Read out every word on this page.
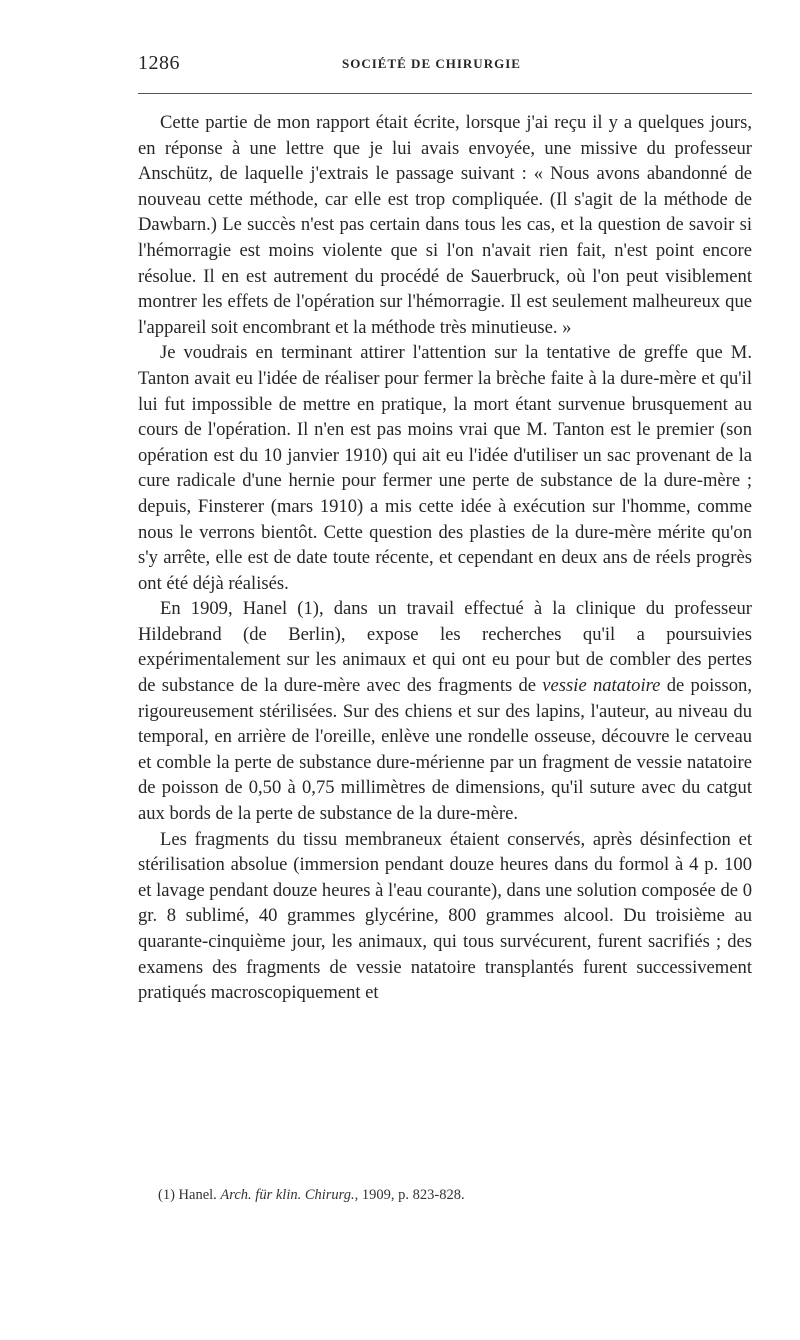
1286	SOCIÉTÉ DE CHIRURGIE

Cette partie de mon rapport était écrite, lorsque j'ai reçu il y a quelques jours, en réponse à une lettre que je lui avais envoyée, une missive du professeur Anschütz, de laquelle j'extrais le passage suivant : « Nous avons abandonné de nouveau cette méthode, car elle est trop compliquée. (Il s'agit de la méthode de Dawbarn.) Le succès n'est pas certain dans tous les cas, et la question de savoir si l'hémorragie est moins violente que si l'on n'avait rien fait, n'est point encore résolue. Il en est autrement du procédé de Sauerbruck, où l'on peut visiblement montrer les effets de l'opération sur l'hémorragie. Il est seulement malheureux que l'appareil soit encombrant et la méthode très minutieuse. »

Je voudrais en terminant attirer l'attention sur la tentative de greffe que M. Tanton avait eu l'idée de réaliser pour fermer la brèche faite à la dure-mère et qu'il lui fut impossible de mettre en pratique, la mort étant survenue brusquement au cours de l'opération. Il n'en est pas moins vrai que M. Tanton est le premier (son opération est du 10 janvier 1910) qui ait eu l'idée d'utiliser un sac provenant de la cure radicale d'une hernie pour fermer une perte de substance de la dure-mère ; depuis, Finsterer (mars 1910) a mis cette idée à exécution sur l'homme, comme nous le verrons bientôt. Cette question des plasties de la dure-mère mérite qu'on s'y arrête, elle est de date toute récente, et cependant en deux ans de réels progrès ont été déjà réalisés.

En 1909, Hanel (1), dans un travail effectué à la clinique du professeur Hildebrand (de Berlin), expose les recherches qu'il a poursuivies expérimentalement sur les animaux et qui ont eu pour but de combler des pertes de substance de la dure-mère avec des fragments de vessie natatoire de poisson, rigoureusement stérilisées. Sur des chiens et sur des lapins, l'auteur, au niveau du temporal, en arrière de l'oreille, enlève une rondelle osseuse, découvre le cerveau et comble la perte de substance dure-mérienne par un fragment de vessie natatoire de poisson de 0,50 à 0,75 millimètres de dimensions, qu'il suture avec du catgut aux bords de la perte de substance de la dure-mère.

Les fragments du tissu membraneux étaient conservés, après désinfection et stérilisation absolue (immersion pendant douze heures dans du formol à 4 p. 100 et lavage pendant douze heures à l'eau courante), dans une solution composée de 0 gr. 8 sublimé, 40 grammes glycérine, 800 grammes alcool. Du troisième au quarante-cinquième jour, les animaux, qui tous survécurent, furent sacrifiés ; des examens des fragments de vessie natatoire transplantés furent successivement pratiqués macroscopiquement et

(1) Hanel. Arch. für klin. Chirurg., 1909, p. 823-828.
